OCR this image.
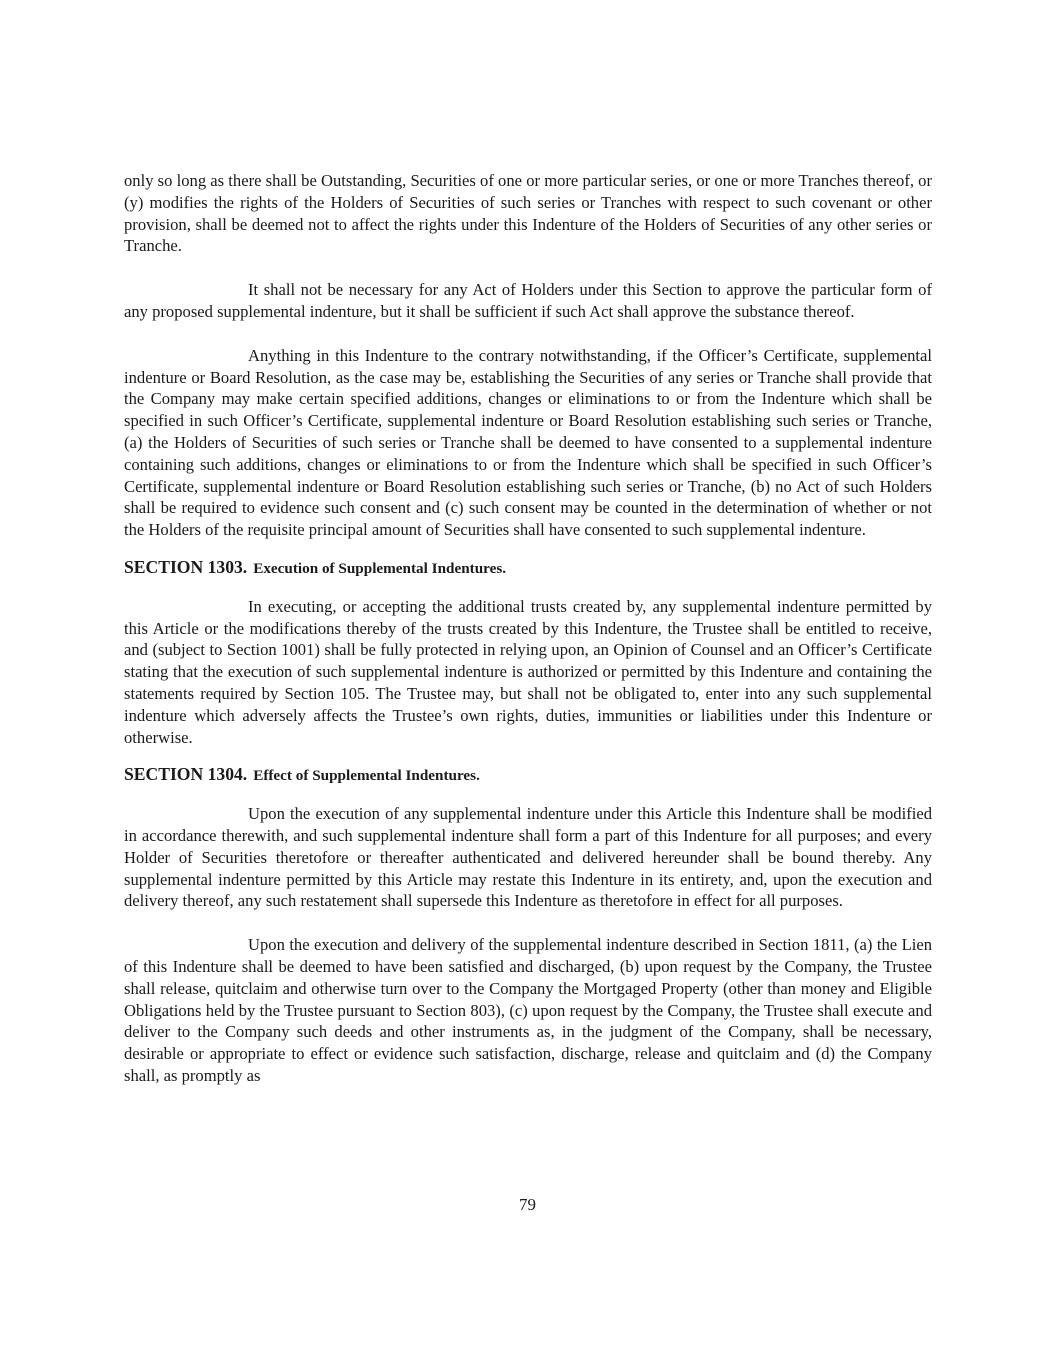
only so long as there shall be Outstanding, Securities of one or more particular series, or one or more Tranches thereof, or (y) modifies the rights of the Holders of Securities of such series or Tranches with respect to such covenant or other provision, shall be deemed not to affect the rights under this Indenture of the Holders of Securities of any other series or Tranche.

It shall not be necessary for any Act of Holders under this Section to approve the particular form of any proposed supplemental indenture, but it shall be sufficient if such Act shall approve the substance thereof.

Anything in this Indenture to the contrary notwithstanding, if the Officer’s Certificate, supplemental indenture or Board Resolution, as the case may be, establishing the Securities of any series or Tranche shall provide that the Company may make certain specified additions, changes or eliminations to or from the Indenture which shall be specified in such Officer’s Certificate, supplemental indenture or Board Resolution establishing such series or Tranche, (a) the Holders of Securities of such series or Tranche shall be deemed to have consented to a supplemental indenture containing such additions, changes or eliminations to or from the Indenture which shall be specified in such Officer’s Certificate, supplemental indenture or Board Resolution establishing such series or Tranche, (b) no Act of such Holders shall be required to evidence such consent and (c) such consent may be counted in the determination of whether or not the Holders of the requisite principal amount of Securities shall have consented to such supplemental indenture.

SECTION 1303. Execution of Supplemental Indentures.

In executing, or accepting the additional trusts created by, any supplemental indenture permitted by this Article or the modifications thereby of the trusts created by this Indenture, the Trustee shall be entitled to receive, and (subject to Section 1001) shall be fully protected in relying upon, an Opinion of Counsel and an Officer’s Certificate stating that the execution of such supplemental indenture is authorized or permitted by this Indenture and containing the statements required by Section 105. The Trustee may, but shall not be obligated to, enter into any such supplemental indenture which adversely affects the Trustee’s own rights, duties, immunities or liabilities under this Indenture or otherwise.

SECTION 1304. Effect of Supplemental Indentures.

Upon the execution of any supplemental indenture under this Article this Indenture shall be modified in accordance therewith, and such supplemental indenture shall form a part of this Indenture for all purposes; and every Holder of Securities theretofore or thereafter authenticated and delivered hereunder shall be bound thereby. Any supplemental indenture permitted by this Article may restate this Indenture in its entirety, and, upon the execution and delivery thereof, any such restatement shall supersede this Indenture as theretofore in effect for all purposes.

Upon the execution and delivery of the supplemental indenture described in Section 1811, (a) the Lien of this Indenture shall be deemed to have been satisfied and discharged, (b) upon request by the Company, the Trustee shall release, quitclaim and otherwise turn over to the Company the Mortgaged Property (other than money and Eligible Obligations held by the Trustee pursuant to Section 803), (c) upon request by the Company, the Trustee shall execute and deliver to the Company such deeds and other instruments as, in the judgment of the Company, shall be necessary, desirable or appropriate to effect or evidence such satisfaction, discharge, release and quitclaim and (d) the Company shall, as promptly as

79
